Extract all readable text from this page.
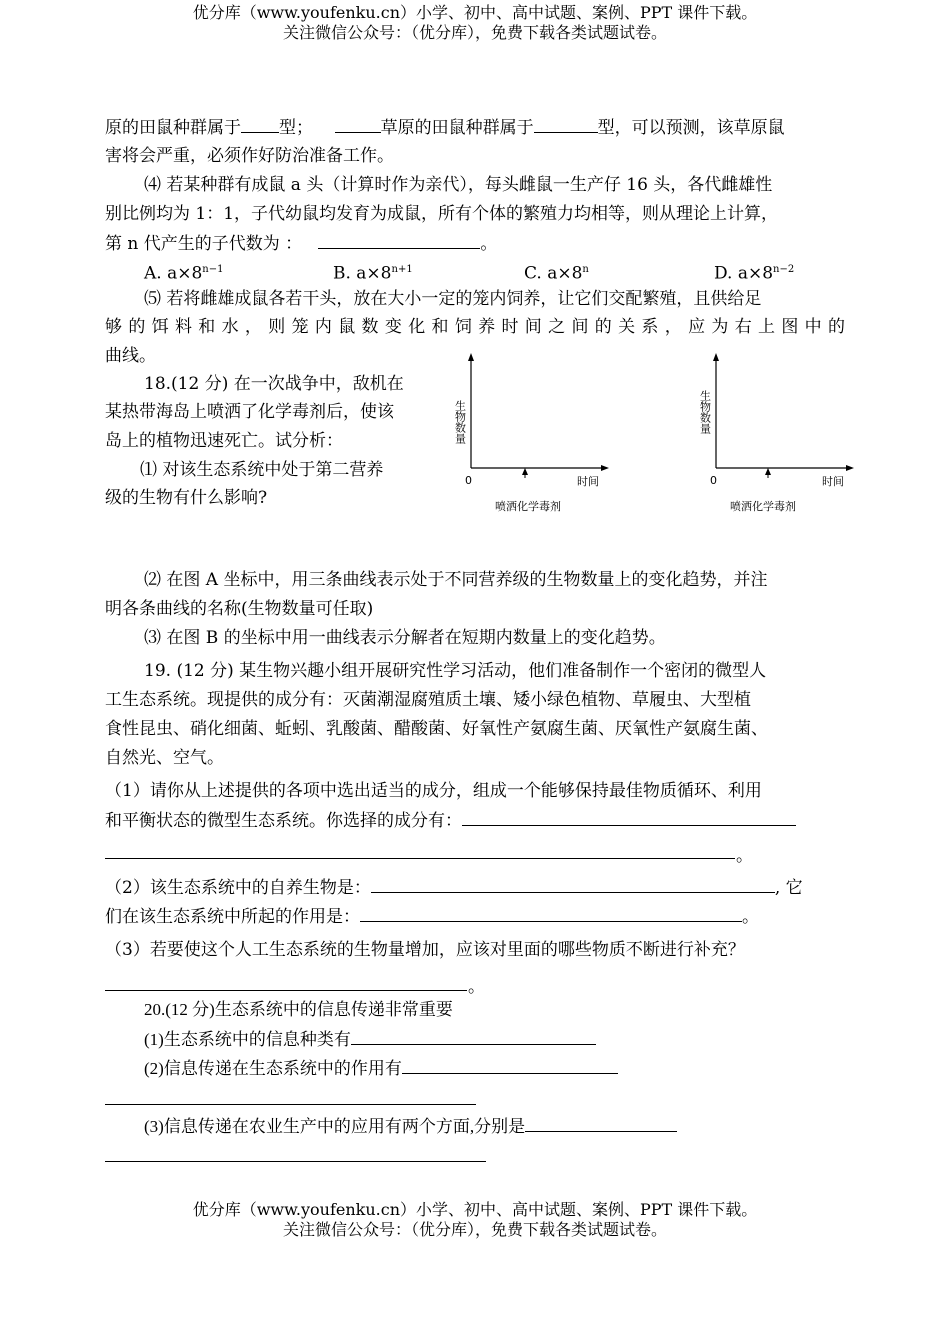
优分库（www.youfenku.cn）小学、初中、高中试题、案例、PPT 课件下载。
关注微信公众号：（优分库），免费下载各类试题试卷。
原的田鼠种群属于 型；	草原的田鼠种群属于	型，可以预测，该草原鼠
害将会严重，必须作好防治准备工作。
⑷ 若某种群有成鼠 a 头（计算时作为亲代），每头雌鼠一生产仔 16 头，各代雌雄性
别比例均为 1：1，子代幼鼠均发育为成鼠，所有个体的繁殖力均相等，则从理论上计算，
第 n 代产生的子代数为 ：	。
A. $a\times 8^{n-1}$	B. $a\times 8^{n+1}$	C. $a\times 8^n$	D. $a\times 8^{n-2}$
⑸ 若将雌雄成鼠各若干头，放在大小一定的笼内饲养，让它们交配繁殖，且供给足
够的饵料和水，则笼内鼠数变化和饲养时间之间的关系，应为右上图中的
曲线。
18.(12 分) 在一次战争中，敌机在
某热带海岛上喷洒了化学毒剂后，使该
岛上的植物迅速死亡。试分析：
⑴ 对该生态系统中处于第二营养
级的生物有什么影响?
0	时间
喷洒化学毒剂
生物数量
0	时间
喷洒化学毒剂
生物数量
⑵ 在图 A 坐标中，用三条曲线表示处于不同营养级的生物数量上的变化趋势，并注
明各条曲线的名称(生物数量可任取)
⑶ 在图 B 的坐标中用一曲线表示分解者在短期内数量上的变化趋势。
19. (12 分) 某生物兴趣小组开展研究性学习活动，他们准备制作一个密闭的微型人
工生态系统。现提供的成分有：灭菌潮湿腐殖质土壤、矮小绿色植物、草履虫、大型植
食性昆虫、硝化细菌、蚯蚓、乳酸菌、醋酸菌、好氧性产氨腐生菌、厌氧性产氨腐生菌、
自然光、空气。
（1）请你从上述提供的各项中选出适当的成分，组成一个能够保持最佳物质循环、利用
和平衡状态的微型生态系统。你选择的成分有：
。
（2）该生态系统中的自养生物是：	, 它
们在该生态系统中所起的作用是：	。
（3）若要使这个人工生态系统的生物量增加，应该对里面的哪些物质不断进行补充？
。
20.(12 分)生态系统中的信息传递非常重要
(1)生态系统中的信息种类有
(2)信息传递在生态系统中的作用有
(3)信息传递在农业生产中的应用有两个方面,分别是
优分库（www.youfenku.cn）小学、初中、高中试题、案例、PPT 课件下载。
关注微信公众号：（优分库），免费下载各类试题试卷。
